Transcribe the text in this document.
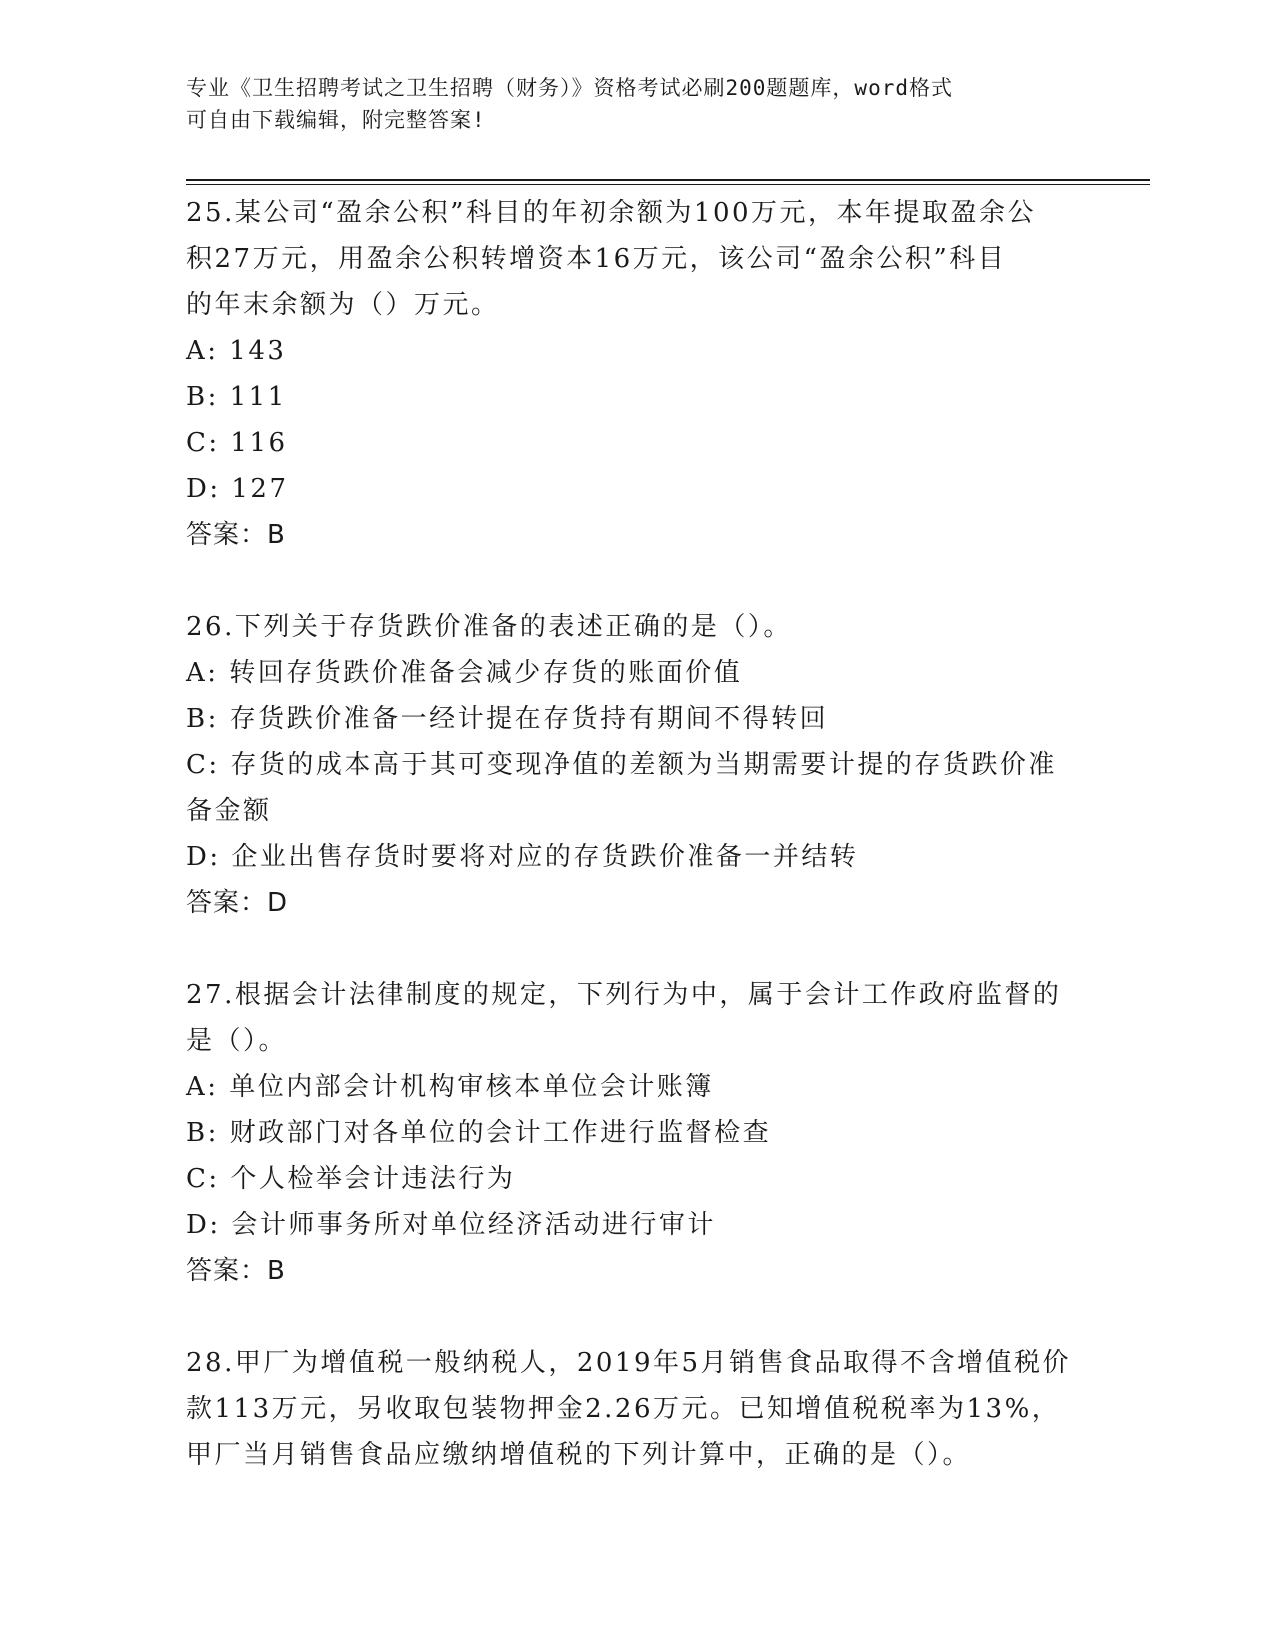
专业《卫生招聘考试之卫生招聘（财务）》资格考试必刷200题题库，word格式
可自由下载编辑，附完整答案!
25.某公司“盈余公积”科目的年初余额为100万元，本年提取盈余公
积27万元，用盈余公积转增资本16万元，该公司“盈余公积”科目
的年末余额为（）万元。
A: 143
B: 111
C: 116
D: 127
答案：B
26.下列关于存货跌价准备的表述正确的是（）。
A: 转回存货跌价准备会减少存货的账面价值
B: 存货跌价准备一经计提在存货持有期间不得转回
C: 存货的成本高于其可变现净值的差额为当期需要计提的存货跌价准
备金额
D: 企业出售存货时要将对应的存货跌价准备一并结转
答案：D
27.根据会计法律制度的规定，下列行为中，属于会计工作政府监督的
是（）。
A: 单位内部会计机构审核本单位会计账簿
B: 财政部门对各单位的会计工作进行监督检查
C: 个人检举会计违法行为
D: 会计师事务所对单位经济活动进行审计
答案：B
28.甲厂为增值税一般纳税人，2019年5月销售食品取得不含增值税价
款113万元，另收取包装物押金2.26万元。已知增值税税率为13%，
甲厂当月销售食品应缴纳增值税的下列计算中，正确的是（）。
